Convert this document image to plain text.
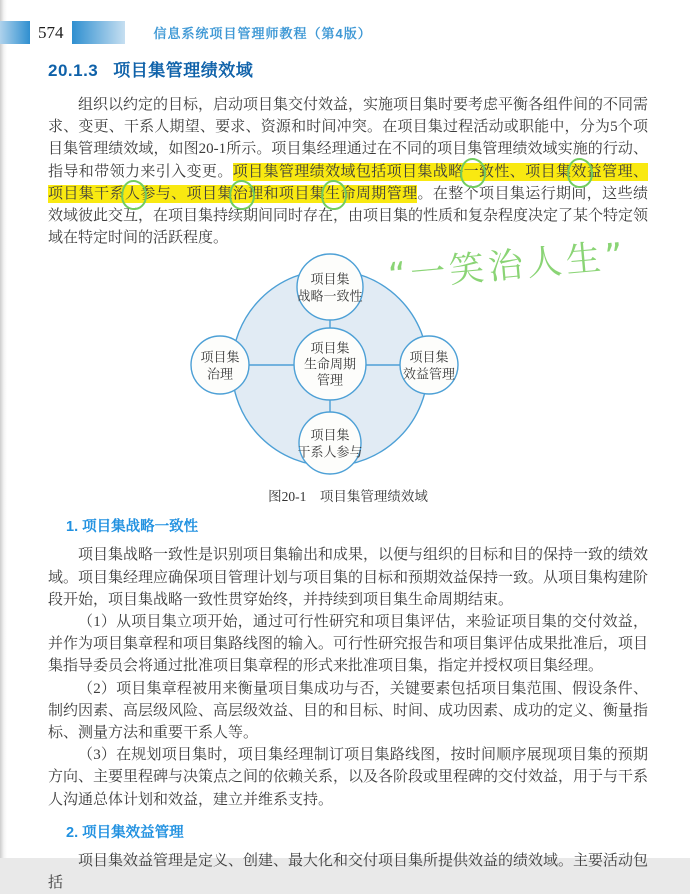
574	信息系统项目管理师教程（第4版）
20.1.3 项目集管理绩效域

组织以约定的目标，启动项目集交付效益，实施项目集时要考虑平衡各组件间的不同需求、变更、干系人期望、要求、资源和时间冲突。在项目集过程活动或职能中，分为5个项目集管理绩效域，如图20-1所示。项目集经理通过在不同的项目集管理绩效域实施的行动、指导和带领力来引入变更。项目集管理绩效域包括项目集战略一致性、项目集效益管理、项目集干系人参与、项目集治理和项目集生命周期管理。在整个项目集运行期间，这些绩效域彼此交互，在项目集持续期间同时存在，由项目集的性质和复杂程度决定了某个特定领域在特定时间的活跃程度。

项目集
战略一致性
项目集
治理
项目集
生命周期
管理
项目集
效益管理
项目集
干系人参与
“一笑治人生”
图20-1　项目集管理绩效域
1. 项目集战略一致性

项目集战略一致性是识别项目集输出和成果，以便与组织的目标和目的保持一致的绩效域。项目集经理应确保项目管理计划与项目集的目标和预期效益保持一致。从项目集构建阶段开始，项目集战略一致性贯穿始终，并持续到项目集生命周期结束。

（1）从项目集立项开始，通过可行性研究和项目集评估，来验证项目集的交付效益，并作为项目集章程和项目集路线图的输入。可行性研究报告和项目集评估成果批准后，项目集指导委员会将通过批准项目集章程的形式来批准项目集，指定并授权项目集经理。

（2）项目集章程被用来衡量项目集成功与否，关键要素包括项目集范围、假设条件、制约因素、高层级风险、高层级效益、目的和目标、时间、成功因素、成功的定义、衡量指标、测量方法和重要干系人等。

（3）在规划项目集时，项目集经理制订项目集路线图，按时间顺序展现项目集的预期方向、主要里程碑与决策点之间的依赖关系，以及各阶段或里程碑的交付效益，用于与干系人沟通总体计划和效益，建立并维系支持。

2. 项目集效益管理

项目集效益管理是定义、创建、最大化和交付项目集所提供效益的绩效域。主要活动包括
